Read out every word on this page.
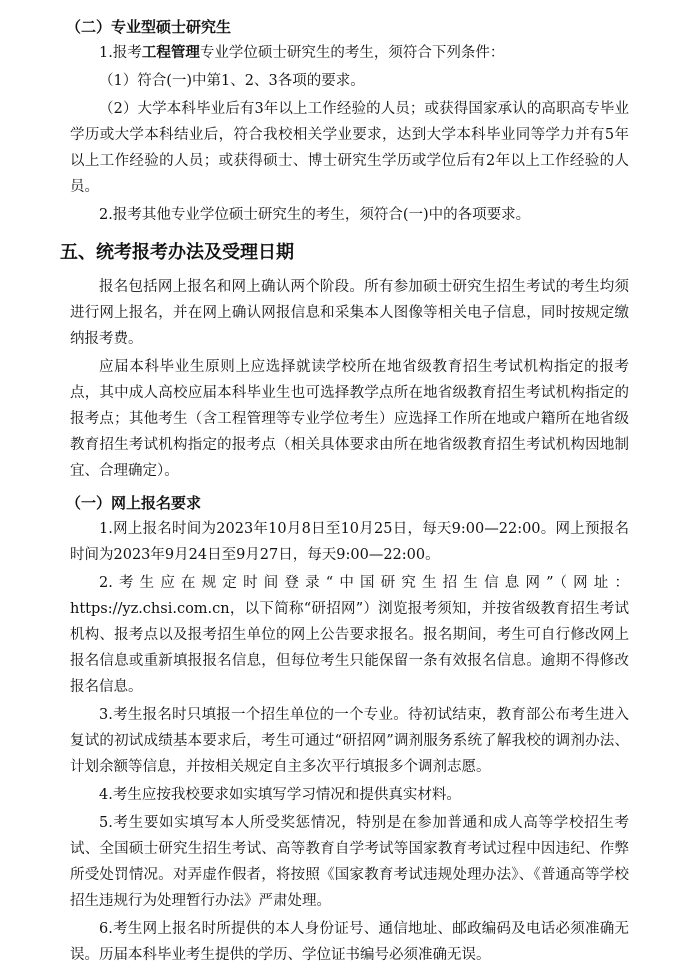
（二）专业型硕士研究生

1.报考工程管理专业学位硕士研究生的考生，须符合下列条件：

（1）符合(一)中第1、2、3各项的要求。

（2）大学本科毕业后有3年以上工作经验的人员；或获得国家承认的高职高专毕业学历或大学本科结业后，符合我校相关学业要求，达到大学本科毕业同等学力并有5年以上工作经验的人员；或获得硕士、博士研究生学历或学位后有2年以上工作经验的人员。

2.报考其他专业学位硕士研究生的考生，须符合(一)中的各项要求。

五、统考报考办法及受理日期

报名包括网上报名和网上确认两个阶段。所有参加硕士研究生招生考试的考生均须进行网上报名，并在网上确认网报信息和采集本人图像等相关电子信息，同时按规定缴纳报考费。

应届本科毕业生原则上应选择就读学校所在地省级教育招生考试机构指定的报考点，其中成人高校应届本科毕业生也可选择教学点所在地省级教育招生考试机构指定的报考点；其他考生（含工程管理等专业学位考生）应选择工作所在地或户籍所在地省级教育招生考试机构指定的报考点（相关具体要求由所在地省级教育招生考试机构因地制宜、合理确定）。

（一）网上报名要求

1.网上报名时间为2023年10月8日至10月25日，每天9:00—22:00。网上预报名时间为2023年9月24日至9月27日，每天9:00—22:00。

2.考生应在规定时间登录“中国研究生招生信息网”（网址：https://yz.chsi.com.cn，以下简称“研招网”）浏览报考须知，并按省级教育招生考试机构、报考点以及报考招生单位的网上公告要求报名。报名期间，考生可自行修改网上报名信息或重新填报报名信息，但每位考生只能保留一条有效报名信息。逾期不得修改报名信息。

3.考生报名时只填报一个招生单位的一个专业。待初试结束，教育部公布考生进入复试的初试成绩基本要求后，考生可通过“研招网”调剂服务系统了解我校的调剂办法、计划余额等信息，并按相关规定自主多次平行填报多个调剂志愿。

4.考生应按我校要求如实填写学习情况和提供真实材料。

5.考生要如实填写本人所受奖惩情况，特别是在参加普通和成人高等学校招生考试、全国硕士研究生招生考试、高等教育自学考试等国家教育考试过程中因违纪、作弊所受处罚情况。对弄虚作假者，将按照《国家教育考试违规处理办法》、《普通高等学校招生违规行为处理暂行办法》严肃处理。

6.考生网上报名时所提供的本人身份证号、通信地址、邮政编码及电话必须准确无误。历届本科毕业考生提供的学历、学位证书编号必须准确无误。
